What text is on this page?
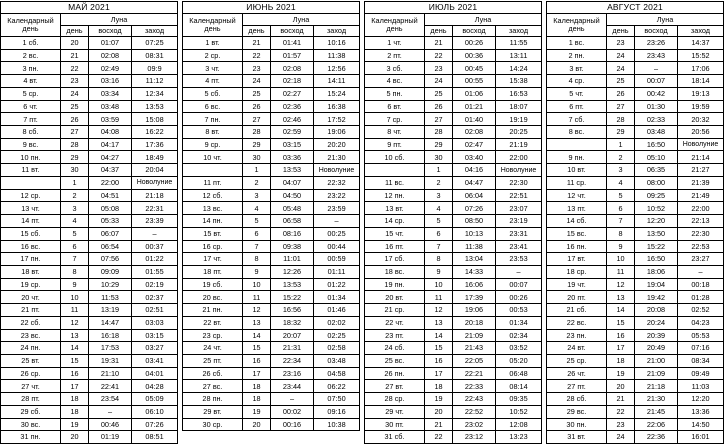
МАЙ 2021			

Календарный
день	Луна		
	день	восход	заход
1 сб.	20	01:07	07:25
2 вс.	21	02:08	08:31
3 пн.	22	02:49	09:9
4 вт.	23	03:16	11:12
5 ср.	24	03:34	12:34
6 чт.	25	03:48	13:53
7 пт.	26	03:59	15:08
8 сб.	27	04:08	16:22
9 вс.	28	04:17	17:36
10 пн.	29	04:27	18:49
11 вт.	30	04:37	20:04
	1	22:00	Новолуние
12 ср.	2	04:51	21:18
13 чт.	3	05:08	22:31
14 пт.	4	05:33	23:39
15 сб.	5	06:07	–
16 вс.	6	06:54	00:37
17 пн.	7	07:56	01:22
18 вт.	8	09:09	01:55
19 ср.	9	10:29	02:19
20 чт.	10	11:53	02:37
21 пт.	11	13:19	02:51
22 сб.	12	14:47	03:03
23 вс.	13	16:18	03:15
24 пн.	14	17:53	03:27
25 вт.	15	19:31	03:41
26 ср.	16	21:10	04:01
27 чт.	17	22:41	04:28
28 пт.	18	23:54	05:09
29 сб.	18	–	06:10
30 вс.	19	00:46	07:26
31 пн.	20	01:19	08:51
ИЮНЬ 2021			

Календарный
день	Луна		
	день	восход	заход
1 вт.	21	01:41	10:16
2 ср.	22	01:57	11:38
3 чт.	23	02:08	12:56
4 пт.	24	02:18	14:11
5 сб.	25	02:27	15:24
6 вс.	26	02:36	16:38
7 пн.	27	02:46	17:52
8 вт.	28	02:59	19:06
9 ср.	29	03:15	20:20
10 чт.	30	03:36	21:30
	1	13:53	Новолуние
11 пт.	2	04:07	22:32
12 сб.	3	04:50	23:22
13 вс.	4	05:48	23:59
14 пн.	5	06:58	–
15 вт.	6	08:16	00:25
16 ср.	7	09:38	00:44
17 чт.	8	11:01	00:59
18 пт.	9	12:26	01:11
19 сб.	10	13:53	01:22
20 вс.	11	15:22	01:34
21 пн.	12	16:56	01:46
22 вт.	13	18:32	02:02
23 ср.	14	20:07	02:25
24 чт.	15	21:31	02:58
25 пт.	16	22:34	03:48
26 сб.	17	23:16	04:58
27 вс.	18	23:44	06:22
28 пн.	18	–	07:50
29 вт.	19	00:02	09:16
30 ср.	20	00:16	10:38
ИЮЛЬ 2021			

Календарный
день	Луна		
	день	восход	заход
1 чт.	21	00:26	11:55
2 пт.	22	00:36	13:11
3 сб.	23	00:45	14:24
4 вс.	24	00:55	15:38
5 пн.	25	01:06	16:53
6 вт.	26	01:21	18:07
7 ср.	27	01:40	19:19
8 чт.	28	02:08	20:25
9 пт.	29	02:47	21:19
10 сб.	30	03:40	22:00
	1	04:16	Новолуние
11 вс.	2	04:47	22:30
12 пн.	3	06:04	22:51
13 вт.	4	07:26	23:07
14 ср.	5	08:50	23:19
15 чт.	6	10:13	23:31
16 пт.	7	11:38	23:41
17 сб.	8	13:04	23:53
18 вс.	9	14:33	–
19 пн.	10	16:06	00:07
20 вт.	11	17:39	00:26
21 ср.	12	19:06	00:53
22 чт.	13	20:18	01:34
23 пт.	14	21:09	02:34
24 сб.	15	21:43	03:52
25 вс.	16	22:05	05:20
26 пн.	17	22:21	06:48
27 вт.	18	22:33	08:14
28 ср.	19	22:43	09:35
29 чт.	20	22:52	10:52
30 пт.	21	23:02	12:08
31 сб.	22	23:12	13:23
АВГУСТ 2021			

Календарный
день	Луна		
	день	восход	заход
1 вс.	23	23:26	14:37
2 пн.	24	23:43	15:52
3 вт.	24	–	17:06
4 ср.	25	00:07	18:14
5 чт.	26	00:42	19:13
6 пт.	27	01:30	19:59
7 сб.	28	02:33	20:32
8 вс.	29	03:48	20:56
	1	16:50	Новолуние
9 пн.	2	05:10	21:14
10 вт.	3	06:35	21:27
11 ср.	4	08:00	21:39
12 чт.	5	09:25	21:49
13 пт.	6	10:52	22:00
14 сб.	7	12:20	22:13
15 вс.	8	13:50	22:30
16 пн.	9	15:22	22:53
17 вт.	10	16:50	23:27
18 ср.	11	18:06	–
19 чт.	12	19:04	00:18
20 пт.	13	19:42	01:28
21 сб.	14	20:08	02:52
22 вс.	15	20:24	04:23
23 пн.	16	20:39	05:53
24 вт.	17	20:49	07:16
25 ср.	18	21:00	08:34
26 чт.	19	21:09	09:49
27 пт.	20	21:18	11:03
28 сб.	21	21:30	12:20
29 вс.	22	21:45	13:36
30 пн.	23	22:06	14:50
31 вт.	24	22:36	16:01
